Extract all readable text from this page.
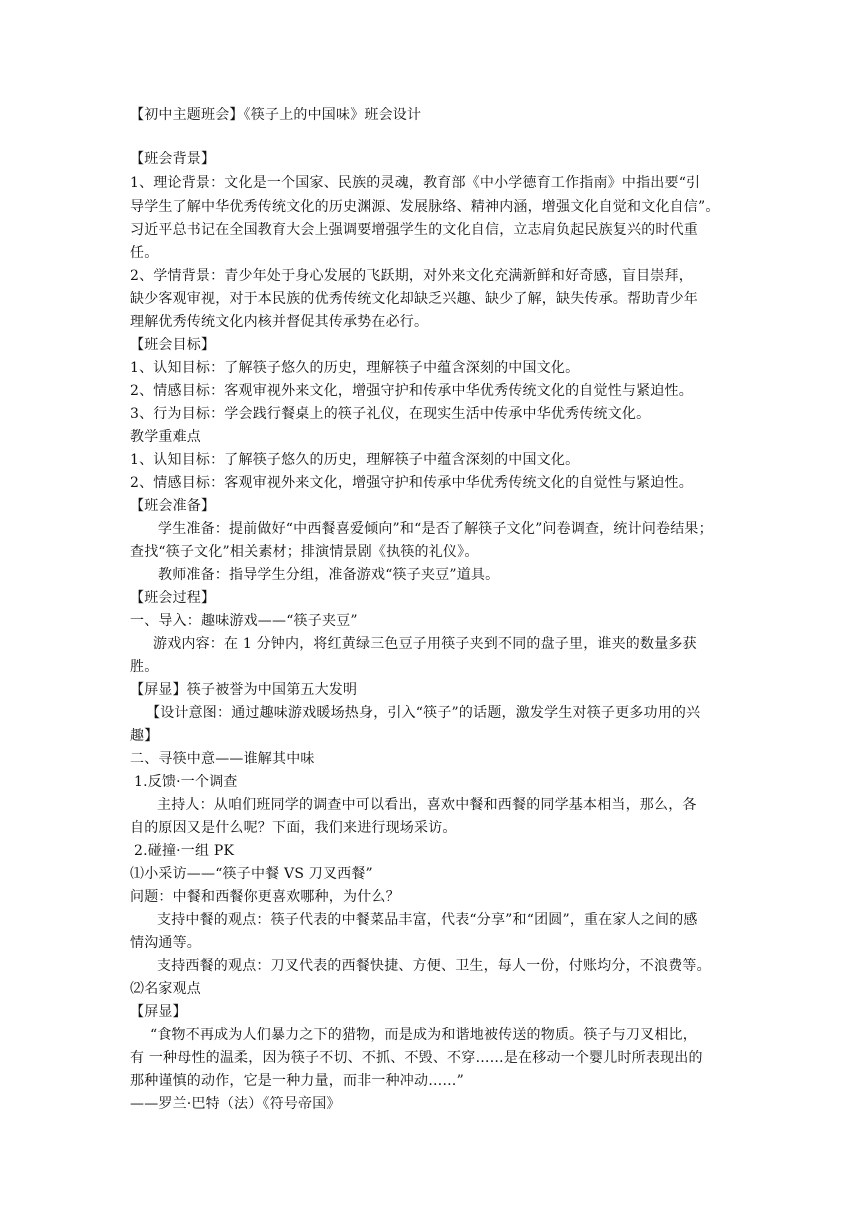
【初中主题班会】《筷子上的中国味》班会设计
【班会背景】
1、理论背景：文化是一个国家、民族的灵魂，教育部《中小学德育工作指南》中指出要“引
导学生了解中华优秀传统文化的历史渊源、发展脉络、精神内涵，增强文化自觉和文化自信”。
习近平总书记在全国教育大会上强调要增强学生的文化自信，立志肩负起民族复兴的时代重
任。
2、学情背景：青少年处于身心发展的飞跃期，对外来文化充满新鲜和好奇感，盲目崇拜，
缺少客观审视，对于本民族的优秀传统文化却缺乏兴趣、缺少了解，缺失传承。帮助青少年
理解优秀传统文化内核并督促其传承势在必行。
【班会目标】
1、认知目标：了解筷子悠久的历史，理解筷子中蕴含深刻的中国文化。
2、情感目标：客观审视外来文化，增强守护和传承中华优秀传统文化的自觉性与紧迫性。
3、行为目标：学会践行餐桌上的筷子礼仪，在现实生活中传承中华优秀传统文化。
教学重难点
1、认知目标：了解筷子悠久的历史，理解筷子中蕴含深刻的中国文化。
2、情感目标：客观审视外来文化，增强守护和传承中华优秀传统文化的自觉性与紧迫性。
【班会准备】
学生准备：提前做好“中西餐喜爱倾向”和“是否了解筷子文化”问卷调查，统计问卷结果；
查找“筷子文化”相关素材；排演情景剧《执筷的礼仪》。
教师准备：指导学生分组，准备游戏“筷子夹豆”道具。
【班会过程】
一、导入：趣味游戏——“筷子夹豆”
游戏内容：在 1 分钟内，将红黄绿三色豆子用筷子夹到不同的盘子里，谁夹的数量多获
胜。
【屏显】筷子被誉为中国第五大发明
【设计意图：通过趣味游戏暖场热身，引入“筷子”的话题，激发学生对筷子更多功用的兴
趣】
二、寻筷中意——谁解其中味
1.反馈·一个调查
主持人：从咱们班同学的调查中可以看出，喜欢中餐和西餐的同学基本相当，那么，各
自的原因又是什么呢？下面，我们来进行现场采访。
2.碰撞·一组 PK
⑴小采访——“筷子中餐 VS 刀叉西餐”
问题：中餐和西餐你更喜欢哪种，为什么？
支持中餐的观点：筷子代表的中餐菜品丰富，代表“分享”和“团圆”，重在家人之间的感
情沟通等。
支持西餐的观点：刀叉代表的西餐快捷、方便、卫生，每人一份，付账均分，不浪费等。
⑵名家观点
【屏显】
“食物不再成为人们暴力之下的猎物，而是成为和谐地被传送的物质。筷子与刀叉相比，
有 一种母性的温柔，因为筷子不切、不抓、不毁、不穿……是在移动一个婴儿时所表现出的
那种谨慎的动作，它是一种力量，而非一种冲动……”
——罗兰·巴特（法）《符号帝国》
